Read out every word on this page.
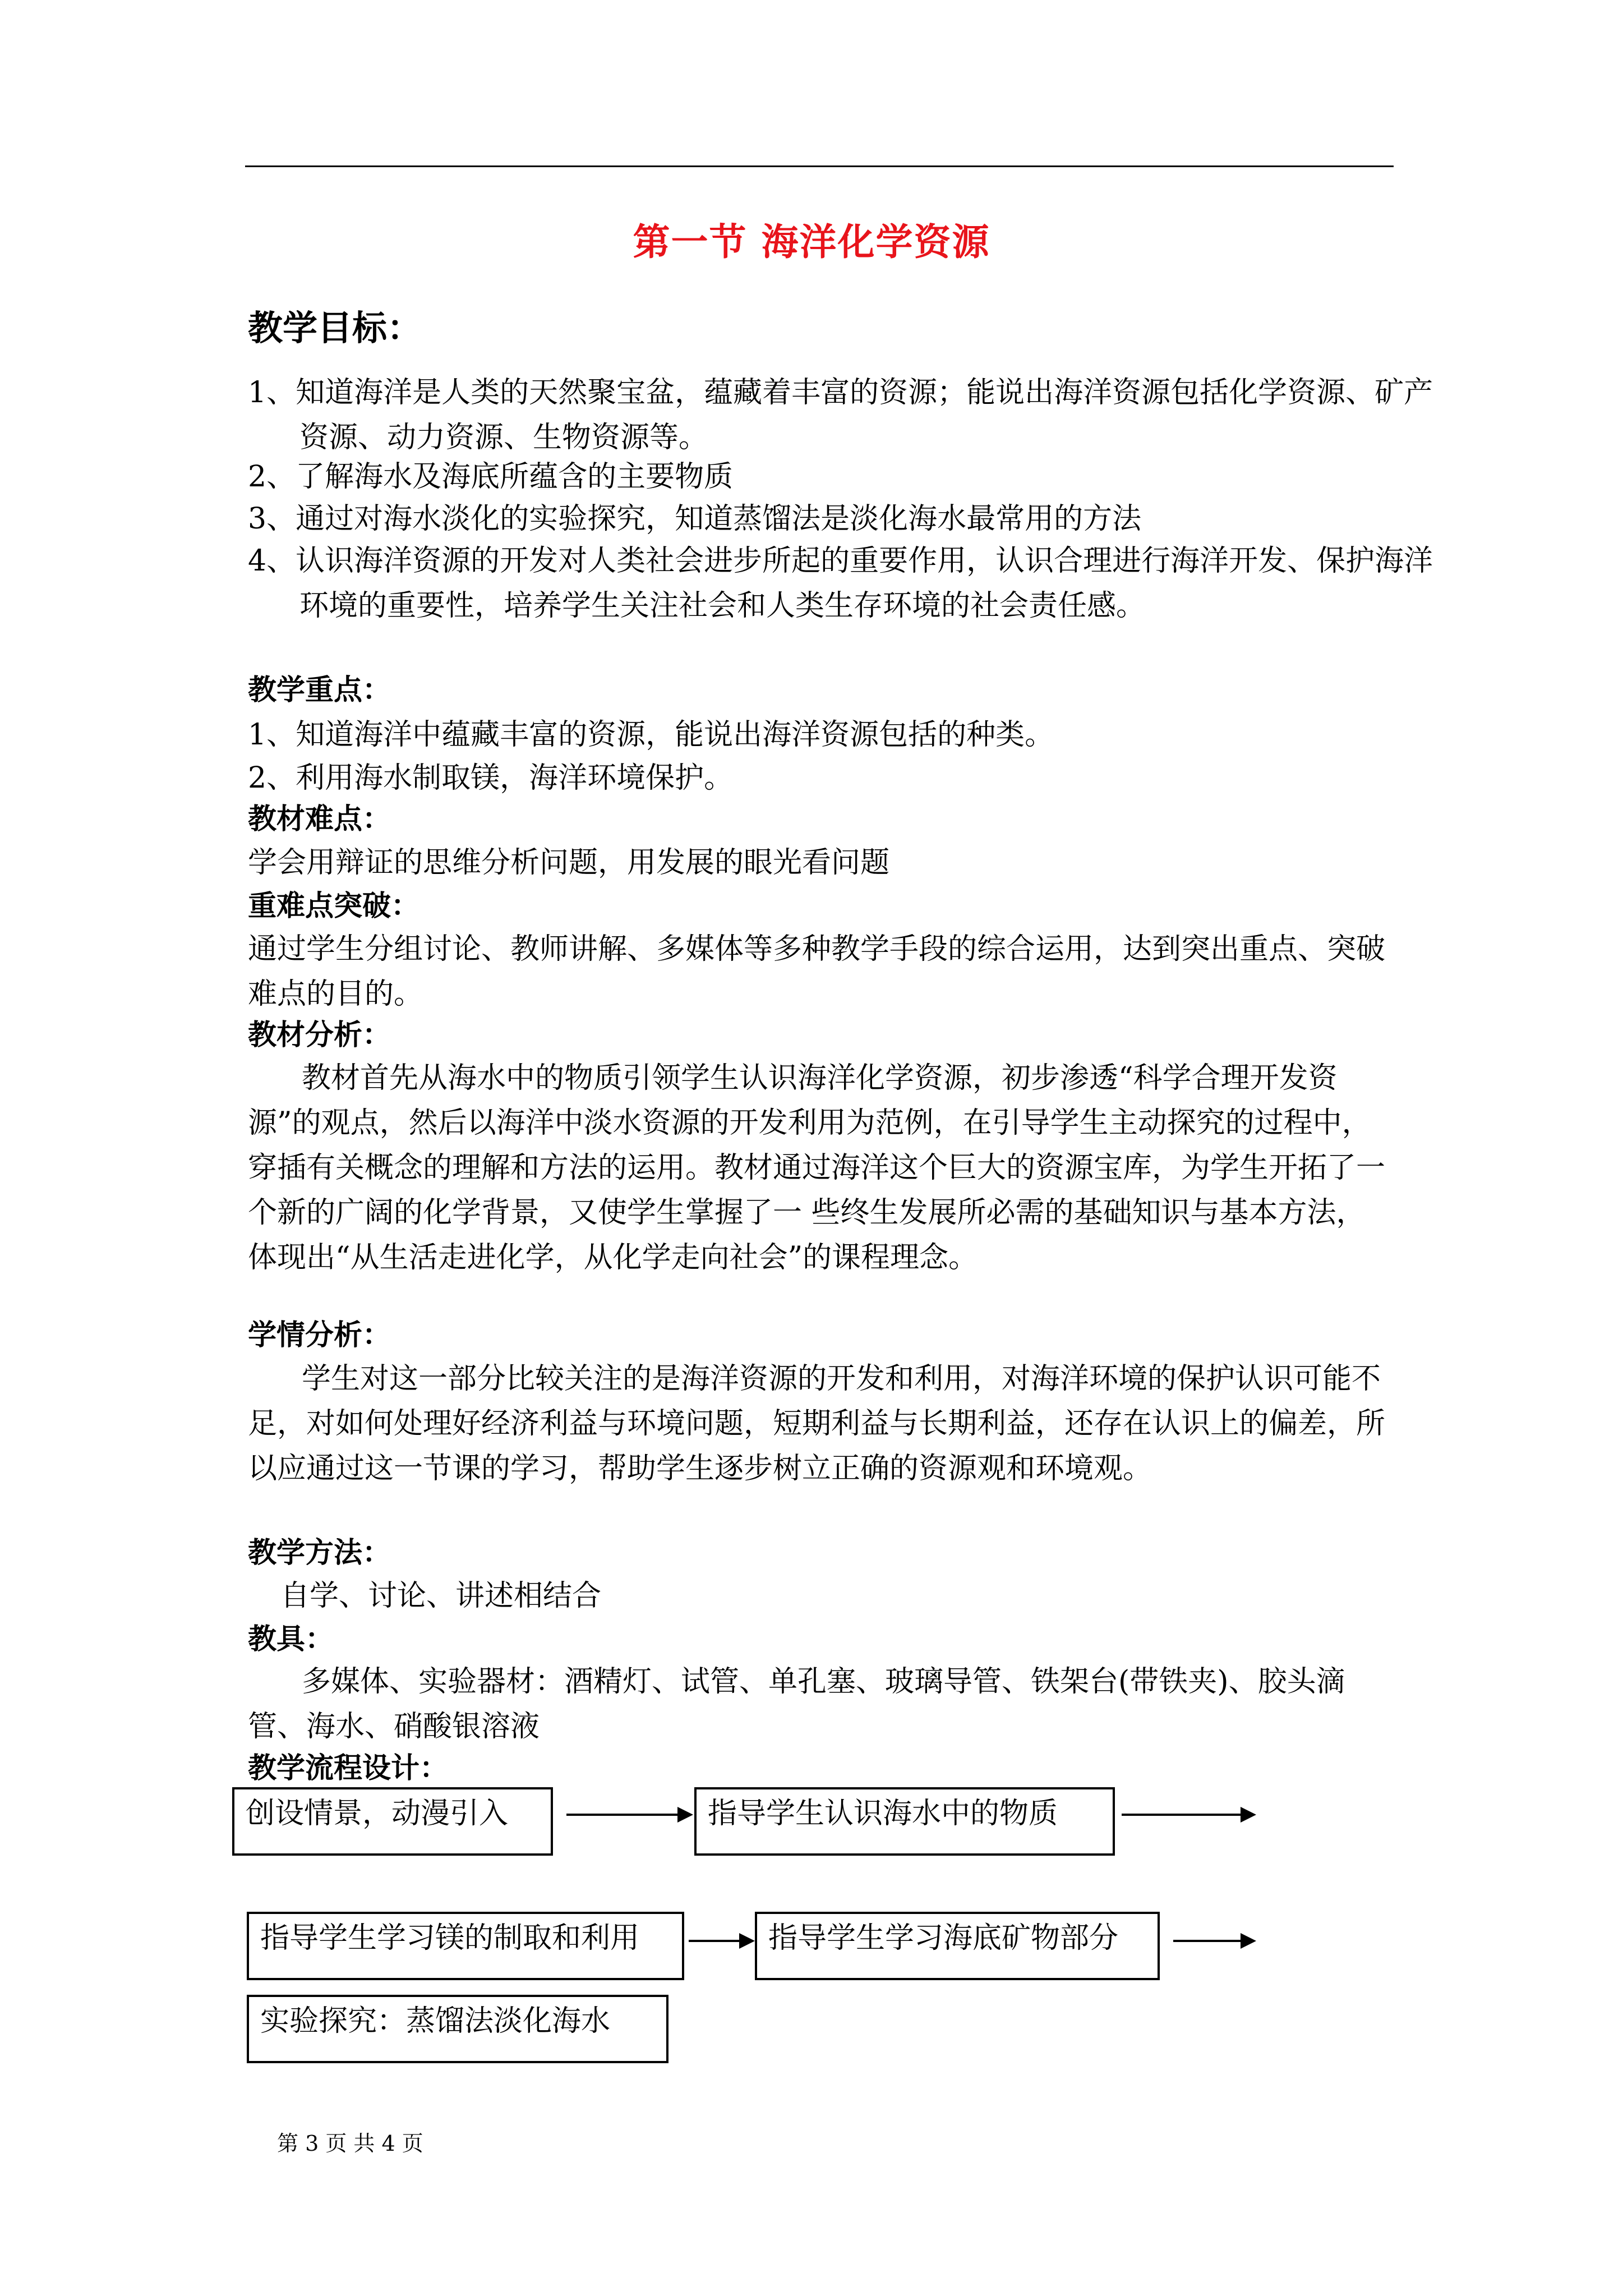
第一节 海洋化学资源
教学目标：
1、知道海洋是人类的天然聚宝盆，蕴藏着丰富的资源；能说出海洋资源包括化学资源、矿产资源、动力资源、生物资源等。
2、了解海水及海底所蕴含的主要物质
3、通过对海水淡化的实验探究，知道蒸馏法是淡化海水最常用的方法
4、认识海洋资源的开发对人类社会进步所起的重要作用，认识合理进行海洋开发、保护海洋环境的重要性，培养学生关注社会和人类生存环境的社会责任感。
教学重点：
1、知道海洋中蕴藏丰富的资源，能说出海洋资源包括的种类。
2、利用海水制取镁，海洋环境保护。
教材难点：
学会用辩证的思维分析问题，用发展的眼光看问题
重难点突破：
通过学生分组讨论、教师讲解、多媒体等多种教学手段的综合运用，达到突出重点、突破难点的目的。
教材分析：
教材首先从海水中的物质引领学生认识海洋化学资源，初步渗透“科学合理开发资源”的观点，然后以海洋中淡水资源的开发利用为范例，在引导学生主动探究的过程中，穿插有关概念的理解和方法的运用。教材通过海洋这个巨大的资源宝库，为学生开拓了一个新的广阔的化学背景，又使学生掌握了一 些终生发展所必需的基础知识与基本方法，体现出“从生活走进化学，从化学走向社会”的课程理念。
学情分析：
学生对这一部分比较关注的是海洋资源的开发和利用，对海洋环境的保护认识可能不足，对如何处理好经济利益与环境问题，短期利益与长期利益，还存在认识上的偏差，所以应通过这一节课的学习，帮助学生逐步树立正确的资源观和环境观。
教学方法：
自学、讨论、讲述相结合
教具：
多媒体、实验器材：酒精灯、试管、单孔塞、玻璃导管、铁架台(带铁夹)、胶头滴管、海水、硝酸银溶液
教学流程设计：
创设情景，动漫引入	指导学生认识海水中的物质
指导学生学习镁的制取和利用	指导学生学习海底矿物部分
实验探究：蒸馏法淡化海水
第 3 页 共 4 页
